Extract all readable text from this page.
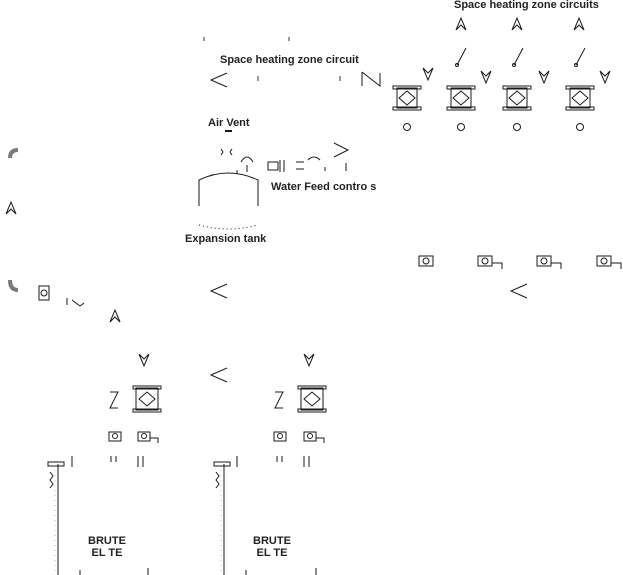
Space heating zone circuits
Space heating zone circuit
Air Vent
Water Feed contro s
Expansion tank
BRUTE
EL TE
BRUTE
EL TE
